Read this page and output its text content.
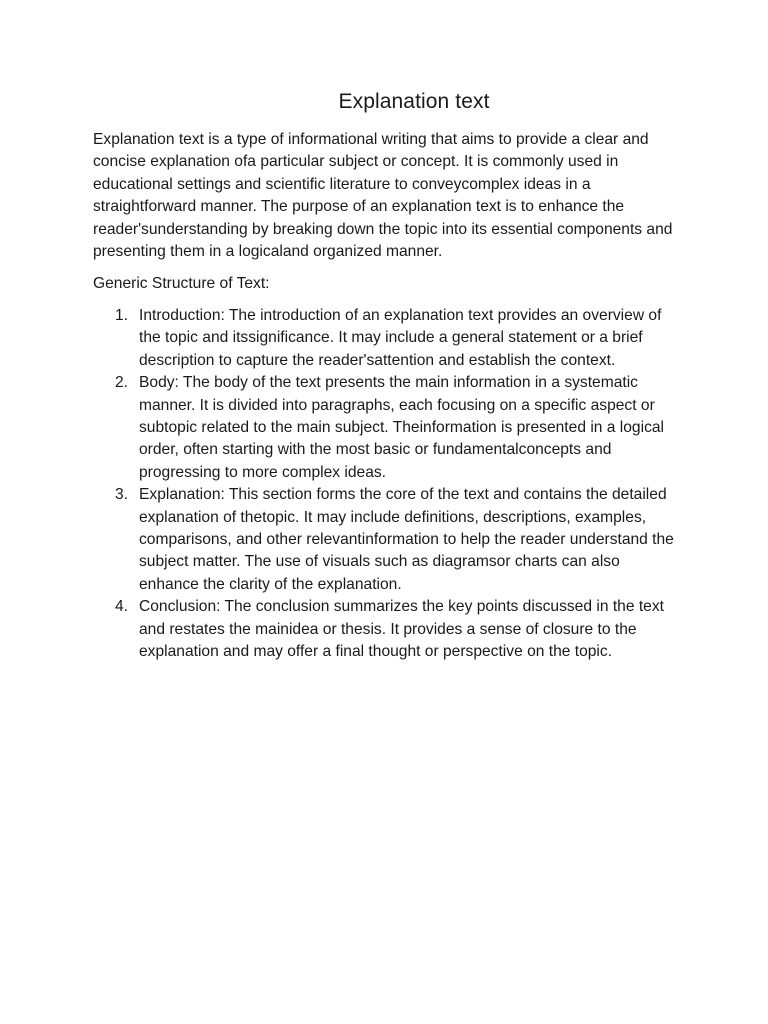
Explanation text

Explanation text is a type of informational writing that aims to provide a clear and concise explanation ofa particular subject or concept. It is commonly used in educational settings and scientific literature to conveycomplex ideas in a straightforward manner. The purpose of an explanation text is to enhance the reader'sunderstanding by breaking down the topic into its essential components and presenting them in a logicaland organized manner.

Generic Structure of Text:

1. Introduction: The introduction of an explanation text provides an overview of the topic and itssignificance. It may include a general statement or a brief description to capture the reader'sattention and establish the context.
2. Body: The body of the text presents the main information in a systematic manner. It is divided into paragraphs, each focusing on a specific aspect or subtopic related to the main subject. Theinformation is presented in a logical order, often starting with the most basic or fundamentalconcepts and progressing to more complex ideas.
3. Explanation: This section forms the core of the text and contains the detailed explanation of thetopic. It may include definitions, descriptions, examples, comparisons, and other relevantinformation to help the reader understand the subject matter. The use of visuals such as diagramsor charts can also enhance the clarity of the explanation.
4. Conclusion: The conclusion summarizes the key points discussed in the text and restates the mainidea or thesis. It provides a sense of closure to the explanation and may offer a final thought or perspective on the topic.
